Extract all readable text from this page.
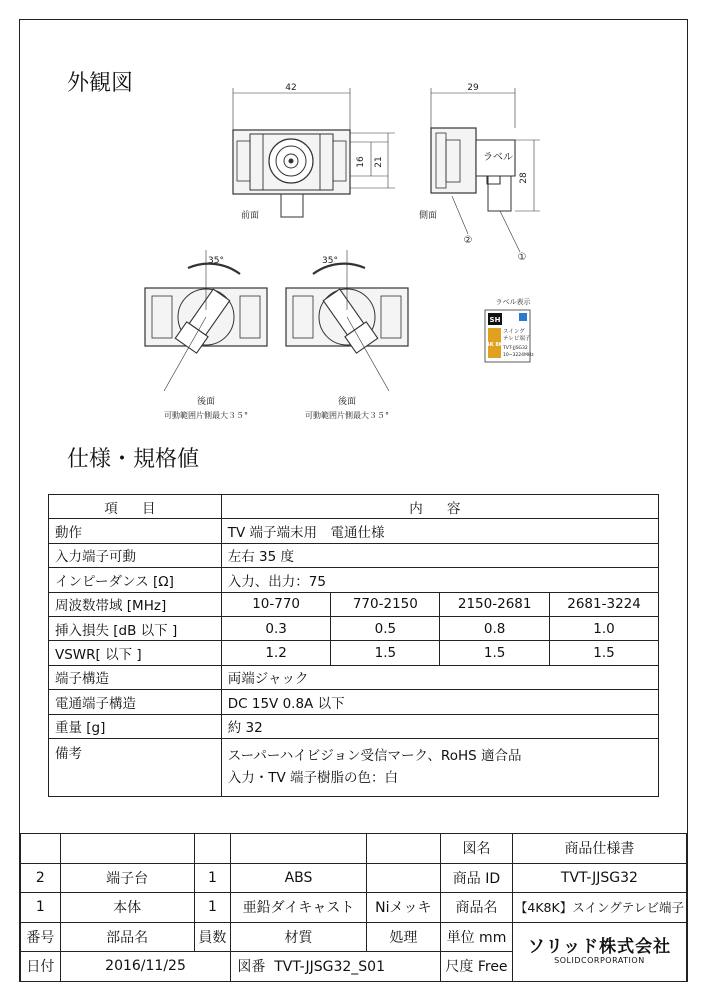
外観図
仕様・規格値
42
16 21
前面
29
ラベル
28
側面
②
①
35°
後面
可動範囲片側最大３５°
35°
後面
可動範囲片側最大３５°
ラベル表示
SH
スイング
テレビ端子
4K 8K
TVT-JJSG32
10~3224MHz
項 目	内 容			
動作	TV 端子端末用　電通仕様			
入力端子可動	左右 35 度			
インピーダンス [Ω]	入力、出力：75			
周波数帯域 [MHz]	10-770	770-2150	2150-2681	2681-3224
挿入損失 [dB 以下 ]	0.3	0.5	0.8	1.0
VSWR[ 以下 ]	1.2	1.5	1.5	1.5
端子構造	両端ジャック			
電通端子構造	DC 15V 0.8A 以下			
重量 [g]	約 32			
備考	スーパーハイビジョン受信マーク、RoHS 適合品
入力・TV 端子樹脂の色：白			
					図名	商品仕様書
2	端子台	1	ABS		商品 ID	TVT-JJSG32
1	本体	1	亜鉛ダイキャスト	Niメッキ	商品名	【4K8K】スイングテレビ端子
番号	部品名	員数	材質	処理	単位 mm	ソリッド株式会社
SOLIDCORPORATION

日付	2016/11/25		図番 TVT-JJSG32_S01		尺度 Free	
